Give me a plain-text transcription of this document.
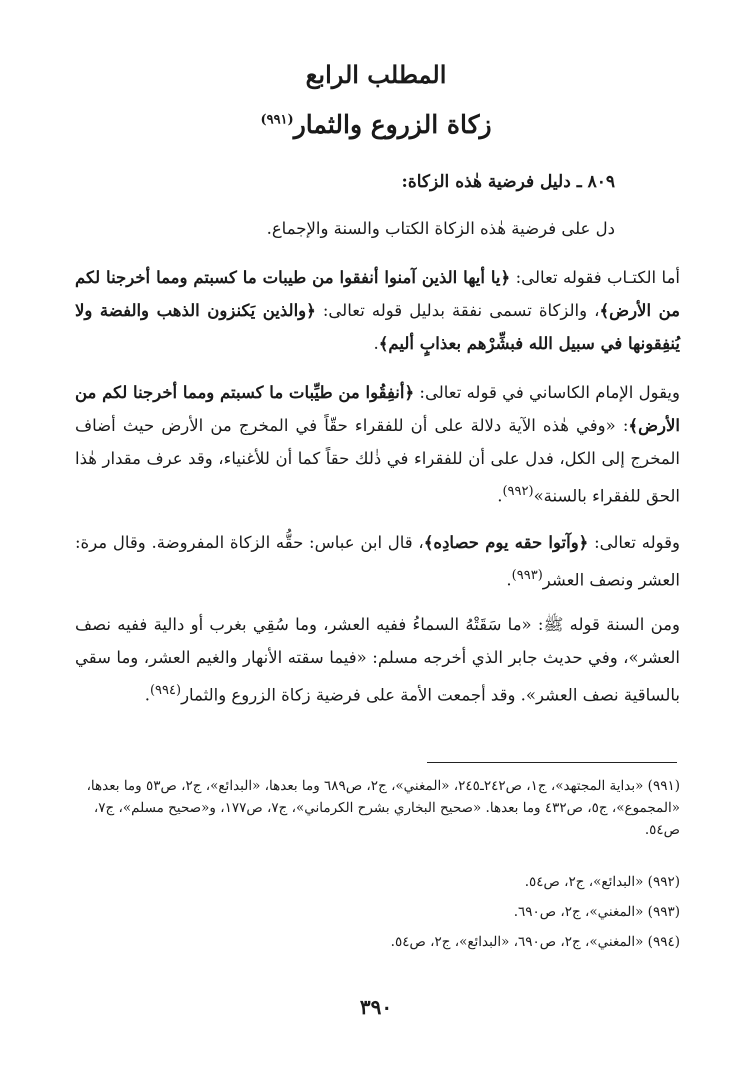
المطلب الرابع
زكاة الزروع والثمار$^{(٩٩١)}$
٨٠٩ ـ دليل فرضية هٰذه الزكاة:
دل على فرضية هٰذه الزكاة الكتاب والسنة والإجماع.
أما الكتـاب فقوله تعالى: ﴿يا أيها الذين آمنوا أنفقوا من طيبات ما كسبتم ومما أخرجنا لكم من الأرض﴾، والزكاة تسمى نفقة بدليل قوله تعالى: ﴿والذين يَكنزون الذهب والفضة ولا يُنفِقونها في سبيل الله فبشِّرْهم بعذابٍ أليم﴾.
ويقول الإمام الكاساني في قوله تعالى: ﴿أنفِقُوا من طيِّبات ما كسبتم ومما أخرجنا لكم من الأرض﴾: «وفي هٰذه الآية دلالة على أن للفقراء حقّاً في المخرج من الأرض حيث أضاف المخرج إلى الكل، فدل على أن للفقراء في ذٰلك حقاً كما أن للأغنياء، وقد عرف مقدار هٰذا الحق للفقراء بالسنة»$^{(٩٩٢)}$.
وقوله تعالى: ﴿وآتوا حقه يوم حصادِه﴾، قال ابن عباس: حقُّه الزكاة المفروضة. وقال مرة: العشر ونصف العشر$^{(٩٩٣)}$.
ومن السنة قوله ﷺ: «ما سَقَتْهُ السماءُ ففيه العشر، وما سُقِي بغرب أو دالية ففيه نصف العشر»، وفي حديث جابر الذي أخرجه مسلم: «فيما سقته الأنهار والغيم العشر، وما سقي بالساقية نصف العشر». وقد أجمعت الأمة على فرضية زكاة الزروع والثمار$^{(٩٩٤)}$.
(٩٩١) «بداية المجتهد»، ج١، ص٢٤٢ـ٢٤٥، «المغني»، ج٢، ص٦٨٩ وما بعدها، «البدائع»، ج٢، ص٥٣ وما بعدها، «المجموع»، ج٥، ص٤٣٢ وما بعدها. «صحيح البخاري بشرح الكرماني»، ج٧، ص١٧٧، و«صحيح مسلم»، ج٧، ص٥٤.
(٩٩٢) «البدائع»، ج٢، ص٥٤.
(٩٩٣) «المغني»، ج٢، ص٦٩٠.
(٩٩٤) «المغني»، ج٢، ص٦٩٠، «البدائع»، ج٢، ص٥٤.
٣٩٠
